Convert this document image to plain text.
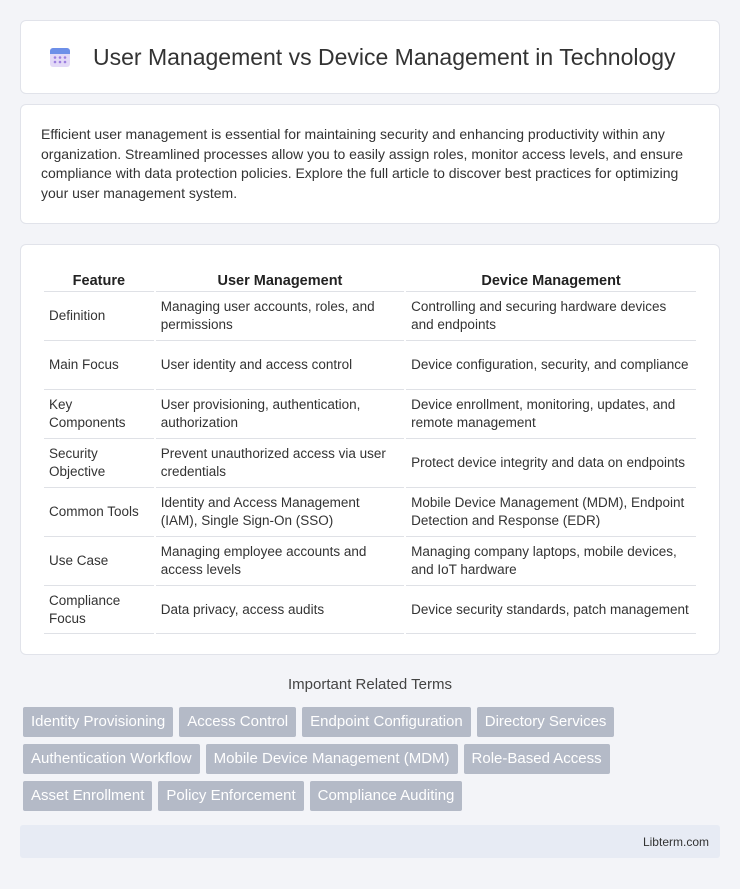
User Management vs Device Management in Technology

Efficient user management is essential for maintaining security and enhancing productivity within any organization. Streamlined processes allow you to easily assign roles, monitor access levels, and ensure compliance with data protection policies. Explore the full article to discover best practices for optimizing your user management system.

Feature	User Management	Device Management
Definition	Managing user accounts, roles, and permissions	Controlling and securing hardware devices and endpoints
Main Focus	User identity and access control	Device configuration, security, and compliance
Key Components	User provisioning, authentication, authorization	Device enrollment, monitoring, updates, and remote management
Security Objective	Prevent unauthorized access via user credentials	Protect device integrity and data on endpoints
Common Tools	Identity and Access Management (IAM), Single Sign-On (SSO)	Mobile Device Management (MDM), Endpoint Detection and Response (EDR)
Use Case	Managing employee accounts and access levels	Managing company laptops, mobile devices, and IoT hardware
Compliance Focus	Data privacy, access audits	Device security standards, patch management
Important Related Terms
Identity Provisioning	Access Control	Endpoint Configuration	Directory Services
Authentication Workflow	Mobile Device Management (MDM)	Role-Based Access
Asset Enrollment	Policy Enforcement	Compliance Auditing
Libterm.com
